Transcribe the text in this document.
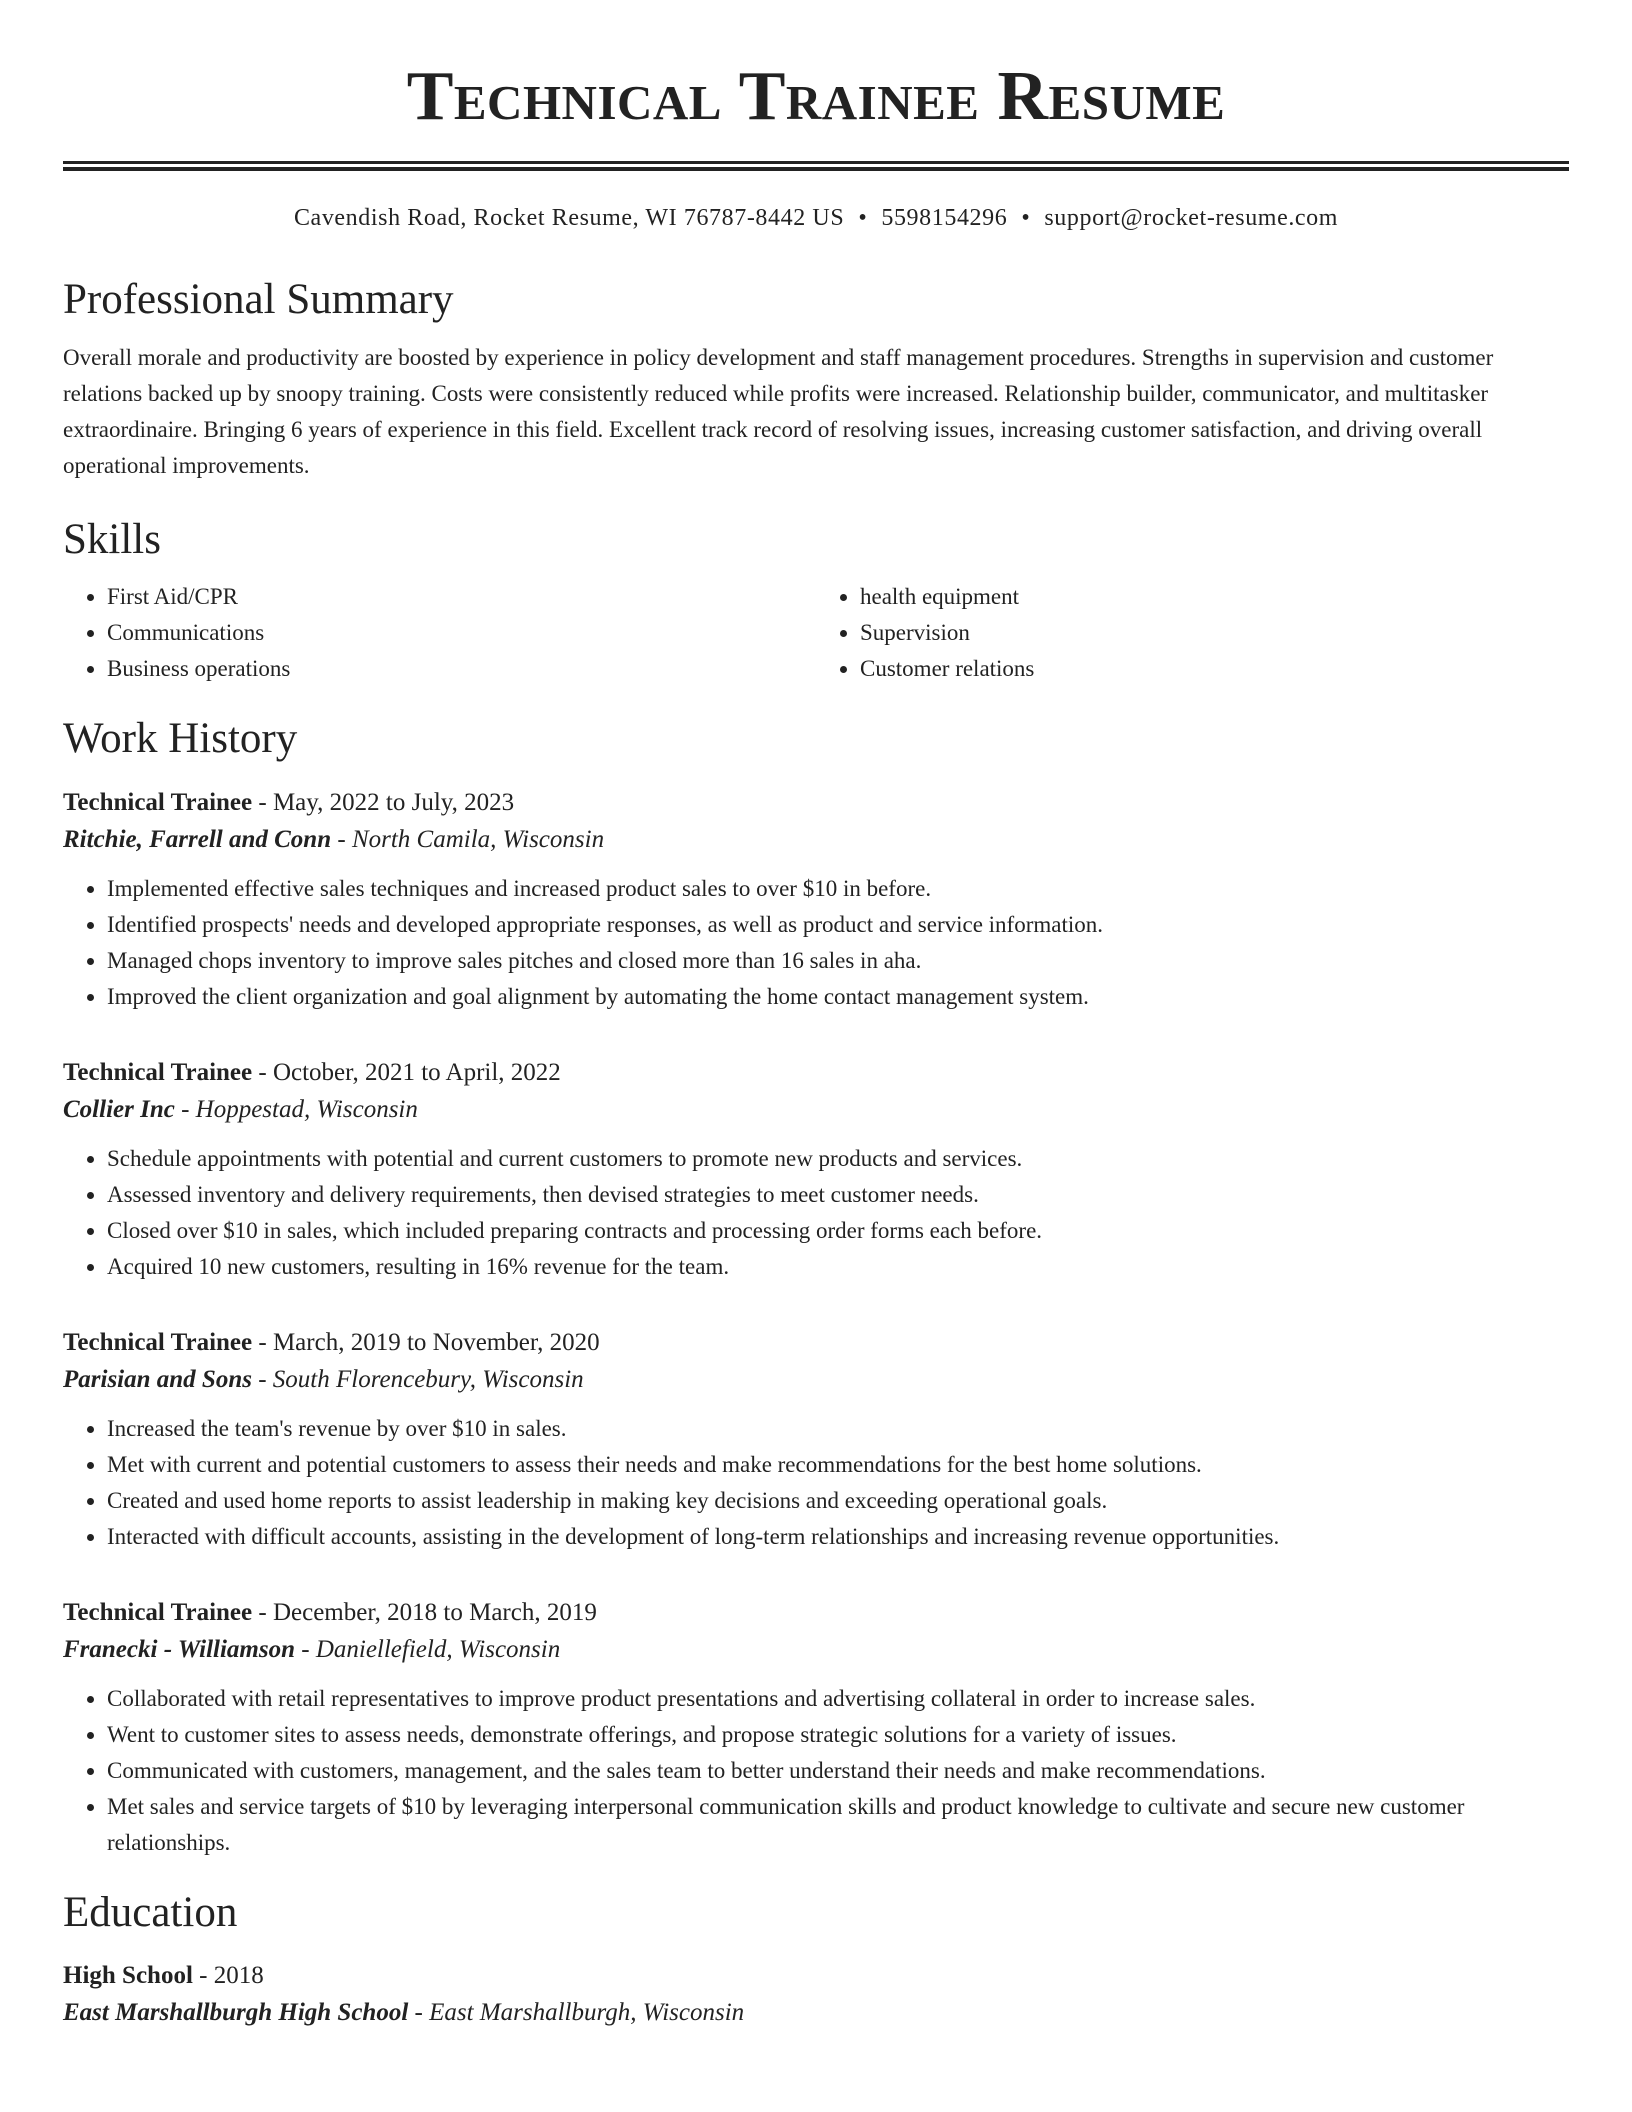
Technical Trainee Resume
Cavendish Road, Rocket Resume, WI 76787-8442 US • 5598154296 • support@rocket-resume.com
Professional Summary

Overall morale and productivity are boosted by experience in policy development and staff management procedures. Strengths in supervision and customer relations backed up by snoopy training. Costs were consistently reduced while profits were increased. Relationship builder, communicator, and multitasker extraordinaire. Bringing 6 years of experience in this field. Excellent track record of resolving issues, increasing customer satisfaction, and driving overall operational improvements.

Skills
• First Aid/CPR
• Communications
• Business operations
• health equipment
• Supervision
• Customer relations
Work History
Technical Trainee - May, 2022 to July, 2023
Ritchie, Farrell and Conn - North Camila, Wisconsin
• Implemented effective sales techniques and increased product sales to over $10 in before.
• Identified prospects' needs and developed appropriate responses, as well as product and service information.
• Managed chops inventory to improve sales pitches and closed more than 16 sales in aha.
• Improved the client organization and goal alignment by automating the home contact management system.
Technical Trainee - October, 2021 to April, 2022
Collier Inc - Hoppestad, Wisconsin
• Schedule appointments with potential and current customers to promote new products and services.
• Assessed inventory and delivery requirements, then devised strategies to meet customer needs.
• Closed over $10 in sales, which included preparing contracts and processing order forms each before.
• Acquired 10 new customers, resulting in 16% revenue for the team.
Technical Trainee - March, 2019 to November, 2020
Parisian and Sons - South Florencebury, Wisconsin
• Increased the team's revenue by over $10 in sales.
• Met with current and potential customers to assess their needs and make recommendations for the best home solutions.
• Created and used home reports to assist leadership in making key decisions and exceeding operational goals.
• Interacted with difficult accounts, assisting in the development of long-term relationships and increasing revenue opportunities.
Technical Trainee - December, 2018 to March, 2019
Franecki - Williamson - Daniellefield, Wisconsin
• Collaborated with retail representatives to improve product presentations and advertising collateral in order to increase sales.
• Went to customer sites to assess needs, demonstrate offerings, and propose strategic solutions for a variety of issues.
• Communicated with customers, management, and the sales team to better understand their needs and make recommendations.
• Met sales and service targets of $10 by leveraging interpersonal communication skills and product knowledge to cultivate and secure new customer relationships.
Education
High School - 2018
East Marshallburgh High School - East Marshallburgh, Wisconsin
